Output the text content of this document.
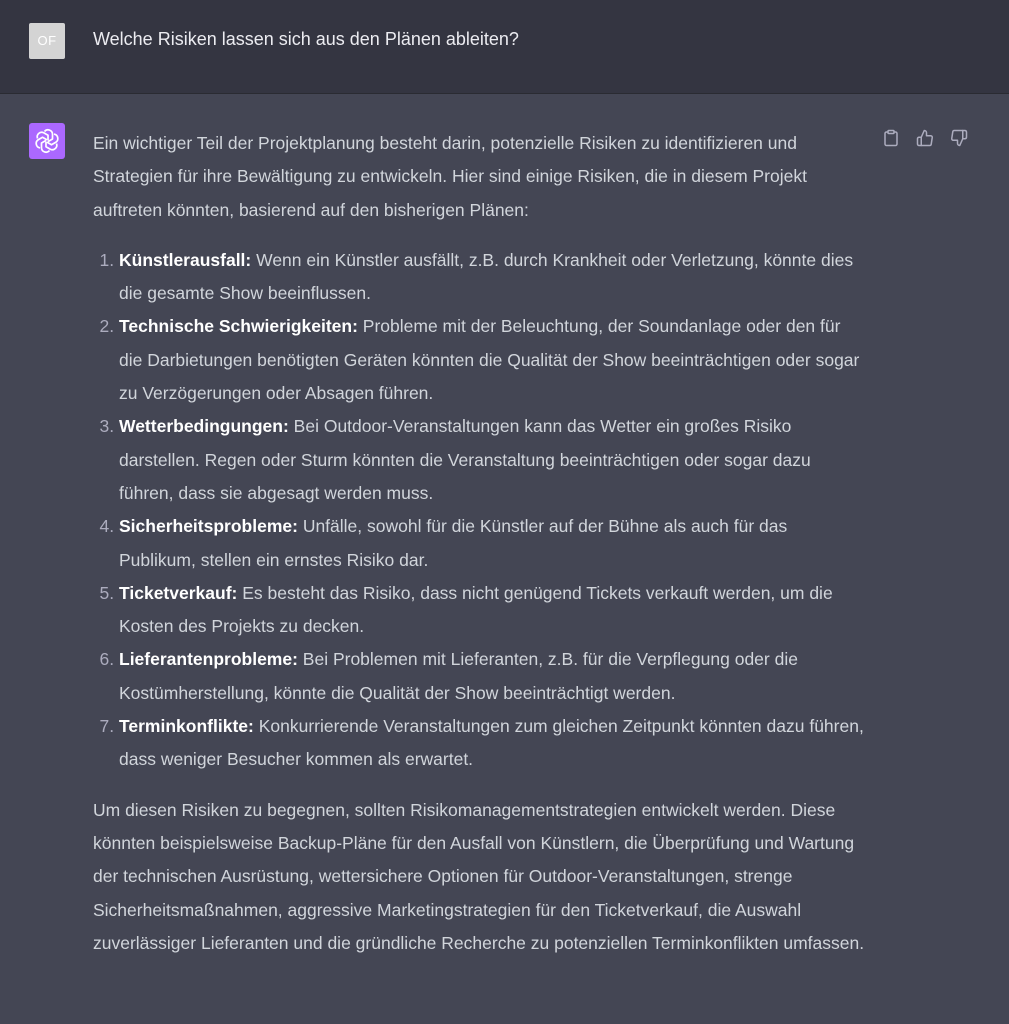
OF	Welche Risiken lassen sich aus den Plänen ableiten?

Ein wichtiger Teil der Projektplanung besteht darin, potenzielle Risiken zu identifizieren und Strategien für ihre Bewältigung zu entwickeln. Hier sind einige Risiken, die in diesem Projekt auftreten könnten, basierend auf den bisherigen Plänen:

1. Künstlerausfall: Wenn ein Künstler ausfällt, z.B. durch Krankheit oder Verletzung, könnte dies die gesamte Show beeinflussen.
2. Technische Schwierigkeiten: Probleme mit der Beleuchtung, der Soundanlage oder den für die Darbietungen benötigten Geräten könnten die Qualität der Show beeinträchtigen oder sogar zu Verzögerungen oder Absagen führen.
3. Wetterbedingungen: Bei Outdoor-Veranstaltungen kann das Wetter ein großes Risiko darstellen. Regen oder Sturm könnten die Veranstaltung beeinträchtigen oder sogar dazu führen, dass sie abgesagt werden muss.
4. Sicherheitsprobleme: Unfälle, sowohl für die Künstler auf der Bühne als auch für das Publikum, stellen ein ernstes Risiko dar.
5. Ticketverkauf: Es besteht das Risiko, dass nicht genügend Tickets verkauft werden, um die Kosten des Projekts zu decken.
6. Lieferantenprobleme: Bei Problemen mit Lieferanten, z.B. für die Verpflegung oder die Kostümherstellung, könnte die Qualität der Show beeinträchtigt werden.
7. Terminkonflikte: Konkurrierende Veranstaltungen zum gleichen Zeitpunkt könnten dazu führen, dass weniger Besucher kommen als erwartet.

Um diesen Risiken zu begegnen, sollten Risikomanagementstrategien entwickelt werden. Diese könnten beispielsweise Backup-Pläne für den Ausfall von Künstlern, die Überprüfung und Wartung der technischen Ausrüstung, wettersichere Optionen für Outdoor-Veranstaltungen, strenge Sicherheitsmaßnahmen, aggressive Marketingstrategien für den Ticketverkauf, die Auswahl zuverlässiger Lieferanten und die gründliche Recherche zu potenziellen Terminkonflikten umfassen.
